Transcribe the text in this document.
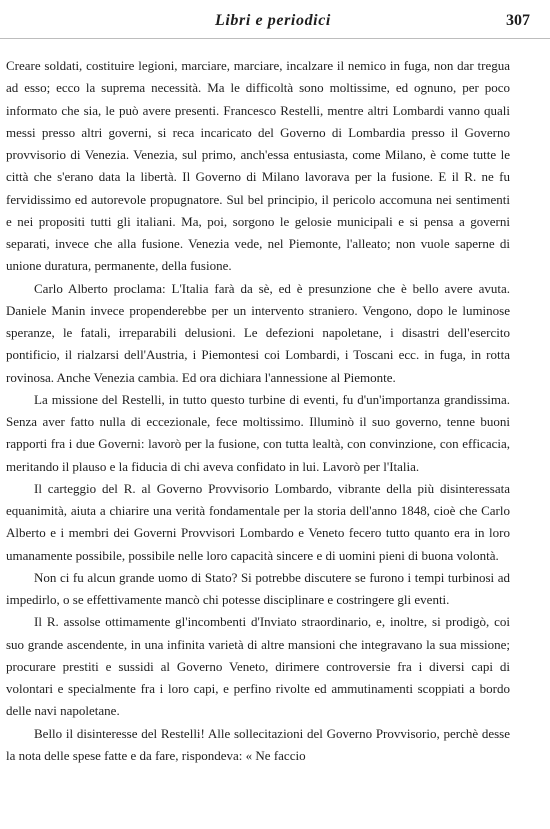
Libri e periodici	307

Creare soldati, costituire legioni, marciare, marciare, incalzare il nemico in fuga, non dar tregua ad esso; ecco la suprema necessità. Ma le difficoltà sono moltissime, ed ognuno, per poco informato che sia, le può avere presenti. Francesco Restelli, mentre altri Lombardi vanno quali messi presso altri governi, si reca incaricato del Governo di Lombardia presso il Governo provvisorio di Venezia. Venezia, sul primo, anch'essa entusiasta, come Milano, è come tutte le città che s'erano data la libertà. Il Governo di Milano lavorava per la fusione. E il R. ne fu fervidissimo ed autorevole propugnatore. Sul bel principio, il pericolo accomuna nei sentimenti e nei propositi tutti gli italiani. Ma, poi, sorgono le gelosie municipali e si pensa a governi separati, invece che alla fusione. Venezia vede, nel Piemonte, l'alleato; non vuole saperne di unione duratura, permanente, della fusione.

Carlo Alberto proclama: L'Italia farà da sè, ed è presunzione che è bello avere avuta. Daniele Manin invece propenderebbe per un intervento straniero. Vengono, dopo le luminose speranze, le fatali, irreparabili delusioni. Le defezioni napoletane, i disastri dell'esercito pontificio, il rialzarsi dell'Austria, i Piemontesi coi Lombardi, i Toscani ecc. in fuga, in rotta rovinosa. Anche Venezia cambia. Ed ora dichiara l'annessione al Piemonte.

La missione del Restelli, in tutto questo turbine di eventi, fu d'un'importanza grandissima. Senza aver fatto nulla di eccezionale, fece moltissimo. Illuminò il suo governo, tenne buoni rapporti fra i due Governi: lavorò per la fusione, con tutta lealtà, con convinzione, con efficacia, meritando il plauso e la fiducia di chi aveva confidato in lui. Lavorò per l'Italia.

Il carteggio del R. al Governo Provvisorio Lombardo, vibrante della più disinteressata equanimità, aiuta a chiarire una verità fondamentale per la storia dell'anno 1848, cioè che Carlo Alberto e i membri dei Governi Provvisori Lombardo e Veneto fecero tutto quanto era in loro umanamente possibile, possibile nelle loro capacità sincere e di uomini pieni di buona volontà.

Non ci fu alcun grande uomo di Stato? Si potrebbe discutere se furono i tempi turbinosi ad impedirlo, o se effettivamente mancò chi potesse disciplinare e costringere gli eventi.

Il R. assolse ottimamente gl'incombenti d'Inviato straordinario, e, inoltre, si prodigò, coi suo grande ascendente, in una infinita varietà di altre mansioni che integravano la sua missione; procurare prestiti e sussidi al Governo Veneto, dirimere controversie fra i diversi capi di volontari e specialmente fra i loro capi, e perfino rivolte ed ammutinamenti scoppiati a bordo delle navi napoletane.

Bello il disinteresse del Restelli! Alle sollecitazioni del Governo Provvisorio, perchè desse la nota delle spese fatte e da fare, rispondeva: « Ne faccio
